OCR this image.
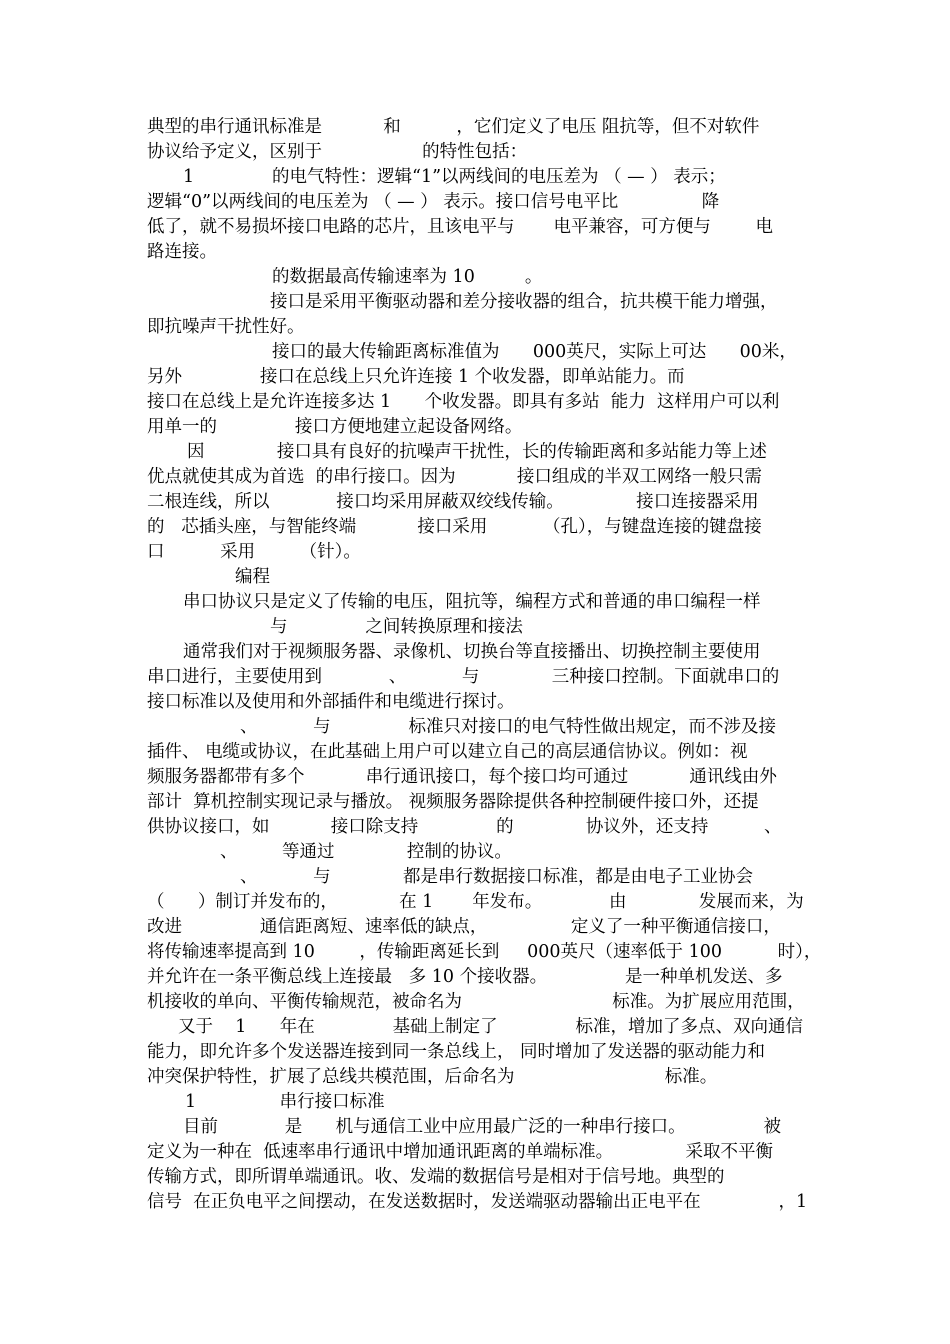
典型的串行通讯标准是           和          ，它们定义了电压 阻抗等，但不对软件
协议给予定义，区别于                  的特性包括：
1              的电气特性：逻辑“1”以两线间的电压差为 （ — ） 表示；
逻辑“0”以两线间的电压差为 （ — ） 表示。接口信号电平比               降
低了，就不易损坏接口电路的芯片，且该电平与       电平兼容，可方便与        电
路连接。
的数据最高传输速率为 10         。
接口是采用平衡驱动器和差分接收器的组合，抗共模干能力增强，
即抗噪声干扰性好。
接口的最大传输距离标准值为      000英尺，实际上可达      00米，
另外              接口在总线上只允许连接 1 个收发器，即单站能力。而
接口在总线上是允许连接多达 1      个收发器。即具有多站  能力  这样用户可以利
用单一的              接口方便地建立起设备网络。
因             接口具有良好的抗噪声干扰性，长的传输距离和多站能力等上述
优点就使其成为首选  的串行接口。因为           接口组成的半双工网络一般只需
二根连线，所以            接口均采用屏蔽双绞线传输。             接口连接器采用
的   芯插头座，与智能终端           接口采用          （孔），与键盘连接的键盘接
口          采用        （针）。
编程
串口协议只是定义了传输的电压，阻抗等，编程方式和普通的串口编程一样
与              之间转换原理和接法
通常我们对于视频服务器、录像机、切换台等直接播出、切换控制主要使用
串口进行，主要使用到            、          与             三种接口控制。下面就串口的
接口标准以及使用和外部插件和电缆进行探讨。
、          与              标准只对接口的电气特性做出规定，而不涉及接
插件、 电缆或协议，在此基础上用户可以建立自己的高层通信协议。例如：视
频服务器都带有多个           串行通讯接口，每个接口均可通过           通讯线由外
部计  算机控制实现记录与播放。 视频服务器除提供各种控制硬件接口外，还提
供协议接口，如           接口除支持              的             协议外，还支持          、
、        等通过             控制的协议。
、          与             都是串行数据接口标准，都是由电子工业协会
（      ）制订并发布的，           在 1       年发布。            由             发展而来，为
改进              通信距离短、速率低的缺点，               定义了一种平衡通信接口，
将传输速率提高到 10        ，传输距离延长到     000英尺（速率低于 100          时），
并允许在一条平衡总线上连接最   多 10 个接收器。              是一种单机发送、多
机接收的单向、平衡传输规范，被命名为                           标准。为扩展应用范围，
又于    1      年在              基础上制定了              标准，增加了多点、双向通信
能力，即允许多个发送器连接到同一条总线上， 同时增加了发送器的驱动能力和
冲突保护特性，扩展了总线共模范围，后命名为                           标准。
1               串行接口标准
目前            是      机与通信工业中应用最广泛的一种串行接口。              被
定义为一种在  低速率串行通讯中增加通讯距离的单端标准。             采取不平衡
传输方式，即所谓单端通讯。收、发端的数据信号是相对于信号地。典型的
信号  在正负电平之间摆动，在发送数据时，发送端驱动器输出正电平在              ，1
